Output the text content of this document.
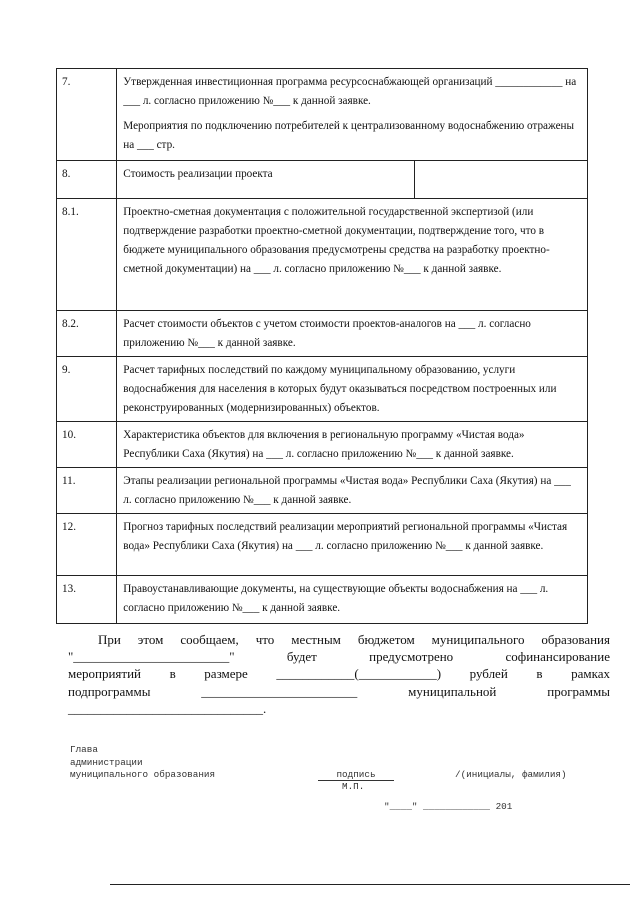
7.	Утвержденная инвестиционная программа ресурсоснабжающей организаций ____________ на ___ л. согласно приложению №___ к данной заявке.

Мероприятия по подключению потребителей к централизованному водоснабжению отражены на ___ стр.	

8.	Стоимость реализации проекта	

8.1.	Проектно-сметная документация с положительной государственной экспертизой (или подтверждение разработки проектно-сметной документации, подтверждение того, что в бюджете муниципального образования предусмотрены средства на разработку проектно-сметной документации) на ___ л. согласно приложению №___ к данной заявке.	

8.2.	Расчет стоимости объектов с учетом стоимости проектов-аналогов на ___ л. согласно приложению №___ к данной заявке.	

9.	Расчет тарифных последствий по каждому муниципальному образованию, услуги водоснабжения для населения в которых будут оказываться посредством построенных или реконструированных (модернизированных) объектов.	

10.	Характеристика объектов для включения в региональную программу «Чистая вода» Республики Саха (Якутия) на ___ л. согласно приложению №___ к данной заявке.	

11.	Этапы реализации региональной программы «Чистая вода» Республики Саха (Якутия) на ___ л. согласно приложению №___ к данной заявке.	

12.	Прогноз тарифных последствий реализации мероприятий региональной программы «Чистая вода» Республики Саха (Якутия) на ___ л. согласно приложению №___ к данной заявке.	

13.	Правоустанавливающие документы, на существующие объекты водоснабжения на ___ л. согласно приложению №___ к данной заявке.	

При этом сообщаем, что местным бюджетом муниципального образования
"________________________" будет предусмотрено софинансирование
мероприятий в размере ____________(____________) рублей в рамках
подпрограммы ________________________ муниципальной программы
______________________________.
Глава
администрации
муниципального образования	подпись
М.П.
/(инициалы, фамилия)
"____" ____________ 201
